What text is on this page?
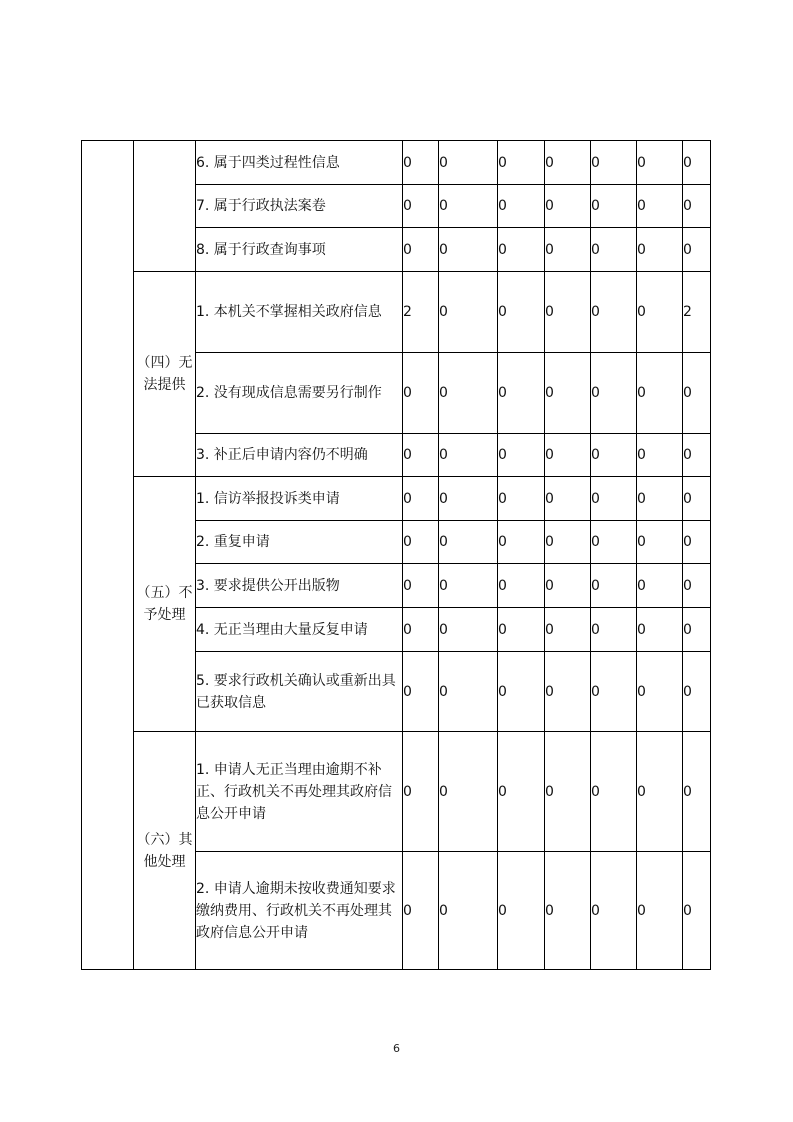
		6. 属于四类过程性信息	0	0	0	0	0	0	0
		7. 属于行政执法案卷	0	0	0	0	0	0	0
		8. 属于行政查询事项	0	0	0	0	0	0	0

	（四）无法提供	1. 本机关不掌握相关政府信息	2	0	0	0	0	0	2
		2. 没有现成信息需要另行制作	0	0	0	0	0	0	0
		3. 补正后申请内容仍不明确	0	0	0	0	0	0	0

	（五）不予处理	1. 信访举报投诉类申请	0	0	0	0	0	0	0
		2. 重复申请	0	0	0	0	0	0	0
		3. 要求提供公开出版物	0	0	0	0	0	0	0
		4. 无正当理由大量反复申请	0	0	0	0	0	0	0
		5. 要求行政机关确认或重新出具已获取信息	0	0	0	0	0	0	0

	（六）其他处理	1. 申请人无正当理由逾期不补正、行政机关不再处理其政府信息公开申请	0	0	0	0	0	0	0
		2. 申请人逾期未按收费通知要求缴纳费用、行政机关不再处理其政府信息公开申请	0	0	0	0	0	0	0
6
